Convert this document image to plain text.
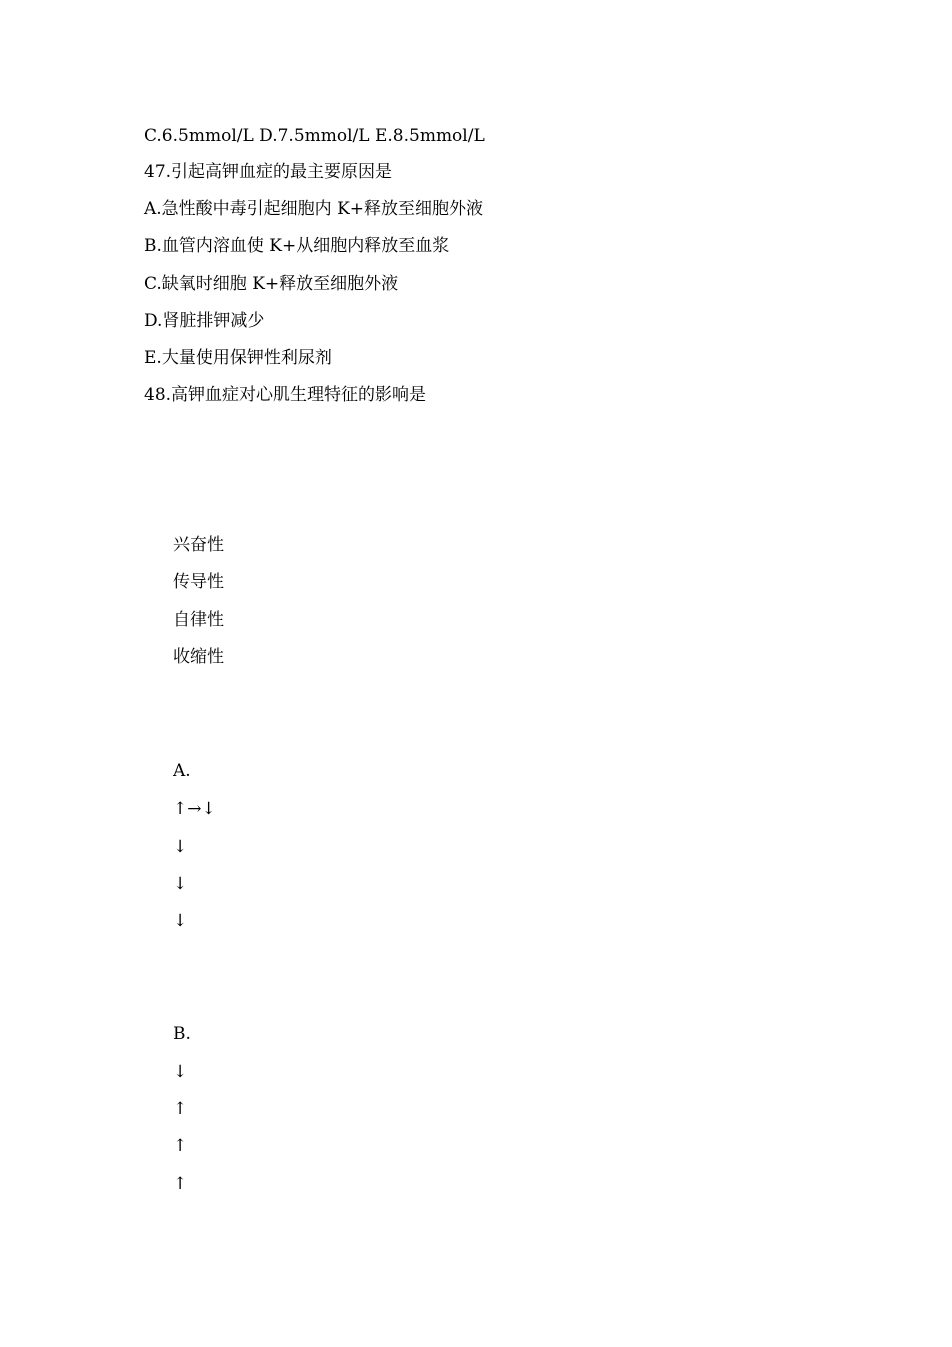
C.6.5mmol/L D.7.5mmol/L E.8.5mmol/L
47.引起高钾血症的最主要原因是
A.急性酸中毒引起细胞内 K+释放至细胞外液
B.血管内溶血使 K+从细胞内释放至血浆
C.缺氧时细胞 K+释放至细胞外液
D.肾脏排钾减少
E.大量使用保钾性利尿剂
48.高钾血症对心肌生理特征的影响是
兴奋性
传导性
自律性
收缩性
A.
↑→↓
↓
↓
↓
B.
↓
↑
↑
↑
